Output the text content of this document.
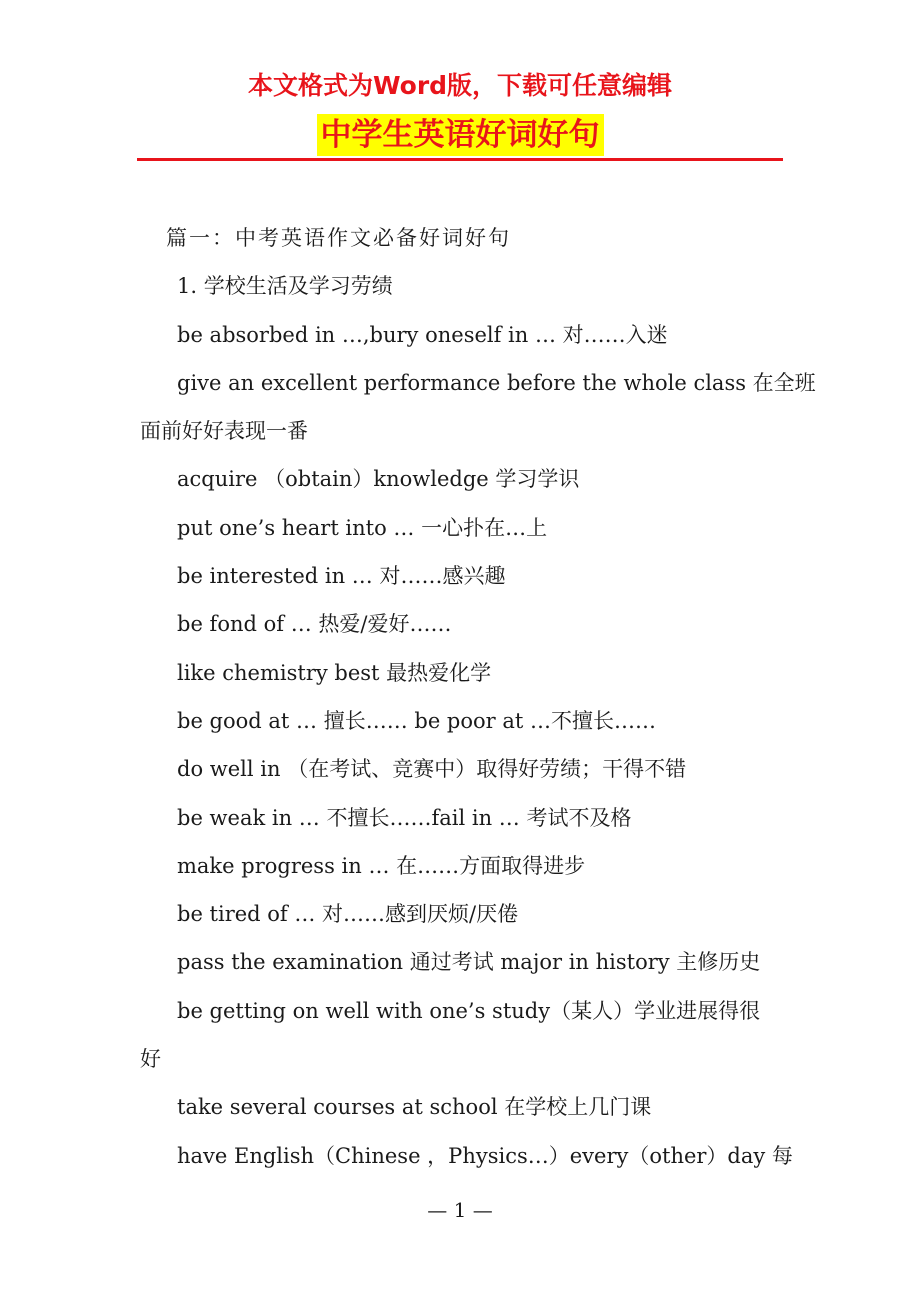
本文格式为Word版，下载可任意编辑
中学生英语好词好句
篇一：中考英语作文必备好词好句
1. 学校生活及学习劳绩
be absorbed in …,bury oneself in … 对……入迷
give an excellent performance before the whole class 在全班
面前好好表现一番
acquire （obtain）knowledge 学习学识
put one’s heart into … 一心扑在…上
be interested in … 对……感兴趣
be fond of … 热爱/爱好……
like chemistry best 最热爱化学
be good at … 擅长…… be poor at …不擅长……
do well in （在考试、竞赛中）取得好劳绩；干得不错
be weak in … 不擅长……fail in … 考试不及格
make progress in … 在……方面取得进步
be tired of … 对……感到厌烦/厌倦
pass the examination 通过考试 major in history 主修历史
be getting on well with one’s study（某人）学业进展得很
好
take several courses at school 在学校上几门课
have English（Chinese ，Physics…）every（other）day 每
— 1 —
